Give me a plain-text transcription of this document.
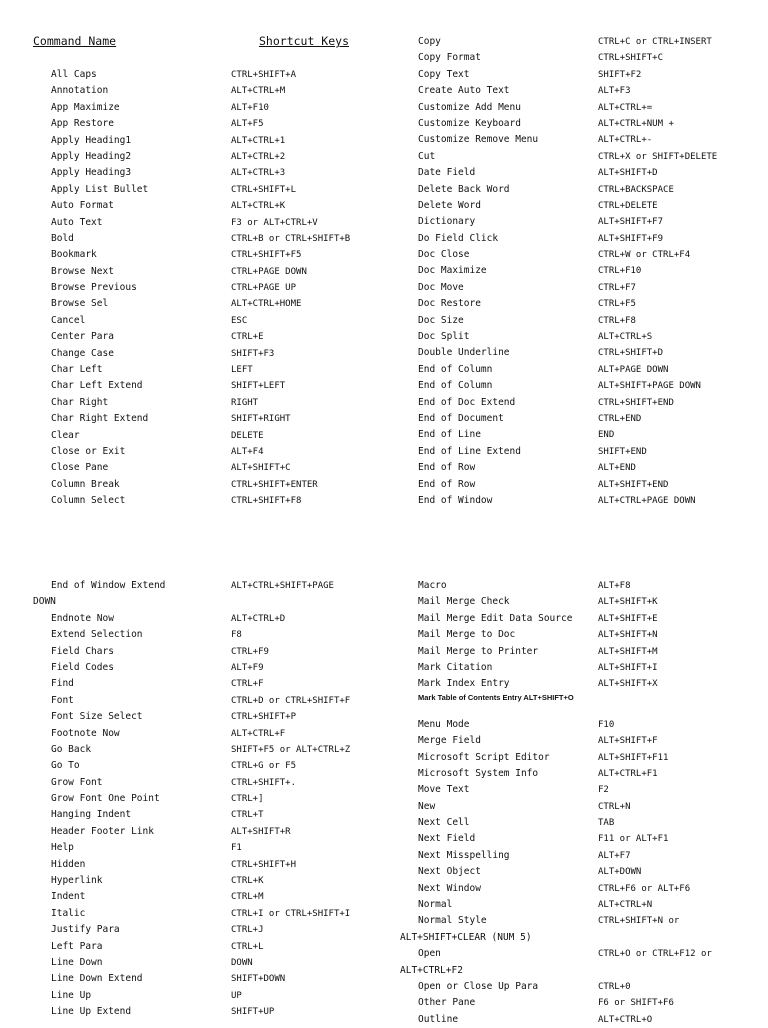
Command Name	Shortcut Keys
All Caps	CTRL+SHIFT+A
Annotation	ALT+CTRL+M
App Maximize	ALT+F10
App Restore	ALT+F5
Apply Heading1	ALT+CTRL+1
Apply Heading2	ALT+CTRL+2
Apply Heading3	ALT+CTRL+3
Apply List Bullet	CTRL+SHIFT+L
Auto Format	ALT+CTRL+K
Auto Text	F3 or ALT+CTRL+V
Bold	CTRL+B or CTRL+SHIFT+B
Bookmark	CTRL+SHIFT+F5
Browse Next	CTRL+PAGE DOWN
Browse Previous	CTRL+PAGE UP
Browse Sel	ALT+CTRL+HOME
Cancel	ESC
Center Para	CTRL+E
Change Case	SHIFT+F3
Char Left	LEFT
Char Left Extend	SHIFT+LEFT
Char Right	RIGHT
Char Right Extend	SHIFT+RIGHT
Clear	DELETE
Close or Exit	ALT+F4
Close Pane	ALT+SHIFT+C
Column Break	CTRL+SHIFT+ENTER
Column Select	CTRL+SHIFT+F8
Copy	CTRL+C or CTRL+INSERT
Copy Format	CTRL+SHIFT+C
Copy Text	SHIFT+F2
Create Auto Text	ALT+F3
Customize Add Menu	ALT+CTRL+=
Customize Keyboard	ALT+CTRL+NUM +
Customize Remove Menu	ALT+CTRL+-
Cut	CTRL+X or SHIFT+DELETE
Date Field	ALT+SHIFT+D
Delete Back Word	CTRL+BACKSPACE
Delete Word	CTRL+DELETE
Dictionary	ALT+SHIFT+F7
Do Field Click	ALT+SHIFT+F9
Doc Close	CTRL+W or CTRL+F4
Doc Maximize	CTRL+F10
Doc Move	CTRL+F7
Doc Restore	CTRL+F5
Doc Size	CTRL+F8
Doc Split	ALT+CTRL+S
Double Underline	CTRL+SHIFT+D
End of Column	ALT+PAGE DOWN
End of Column	ALT+SHIFT+PAGE DOWN
End of Doc Extend	CTRL+SHIFT+END
End of Document	CTRL+END
End of Line	END
End of Line Extend	SHIFT+END
End of Row	ALT+END
End of Row	ALT+SHIFT+END
End of Window	ALT+CTRL+PAGE DOWN
End of Window Extend	ALT+CTRL+SHIFT+PAGE
DOWN
Endnote Now	ALT+CTRL+D
Extend Selection	F8
Field Chars	CTRL+F9
Field Codes	ALT+F9
Find	CTRL+F
Font	CTRL+D or CTRL+SHIFT+F
Font Size Select	CTRL+SHIFT+P
Footnote Now	ALT+CTRL+F
Go Back	SHIFT+F5 or ALT+CTRL+Z
Go To	CTRL+G or F5
Grow Font	CTRL+SHIFT+.
Grow Font One Point	CTRL+]
Hanging Indent	CTRL+T
Header Footer Link	ALT+SHIFT+R
Help	F1
Hidden	CTRL+SHIFT+H
Hyperlink	CTRL+K
Indent	CTRL+M
Italic	CTRL+I or CTRL+SHIFT+I
Justify Para	CTRL+J
Left Para	CTRL+L
Line Down	DOWN
Line Down Extend	SHIFT+DOWN
Line Up	UP
Line Up Extend	SHIFT+UP
Macro	ALT+F8
Mail Merge Check	ALT+SHIFT+K
Mail Merge Edit Data Source	ALT+SHIFT+E
Mail Merge to Doc	ALT+SHIFT+N
Mail Merge to Printer	ALT+SHIFT+M
Mark Citation	ALT+SHIFT+I
Mark Index Entry	ALT+SHIFT+X
Mark Table of Contents Entry ALT+SHIFT+O
Menu Mode	F10
Merge Field	ALT+SHIFT+F
Microsoft Script Editor	ALT+SHIFT+F11
Microsoft System Info	ALT+CTRL+F1
Move Text	F2
New	CTRL+N
Next Cell	TAB
Next Field	F11 or ALT+F1
Next Misspelling	ALT+F7
Next Object	ALT+DOWN
Next Window	CTRL+F6 or ALT+F6
Normal	ALT+CTRL+N
Normal Style	CTRL+SHIFT+N or
ALT+SHIFT+CLEAR (NUM 5)
Open	CTRL+O or CTRL+F12 or
ALT+CTRL+F2
Open or Close Up Para	CTRL+0
Other Pane	F6 or SHIFT+F6
Outline	ALT+CTRL+O
